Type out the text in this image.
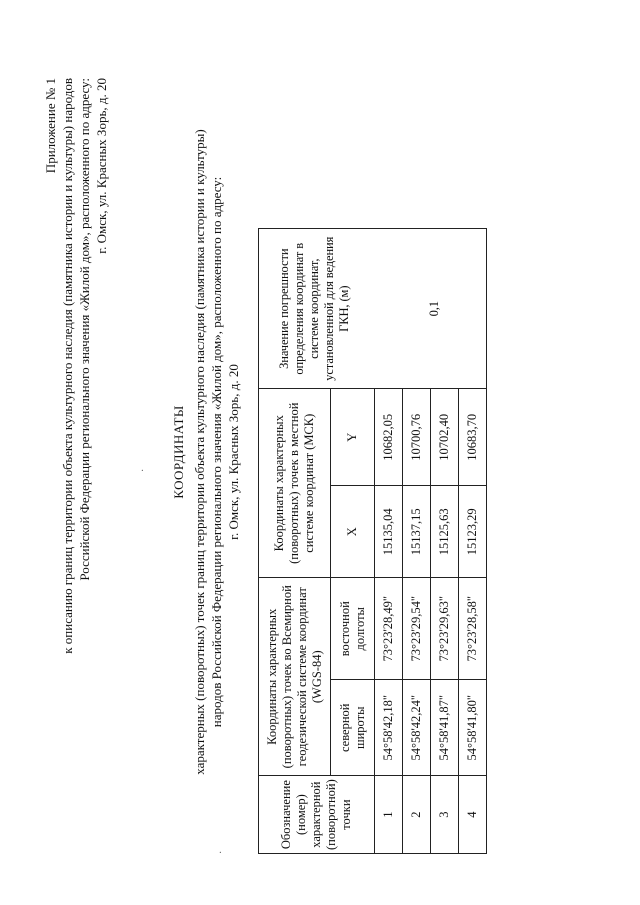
Приложение № 1 к описанию границ территории объекта культурного наследия (памятника истории и культуры) народов Российской Федерации регионального значения «Жилой дом», расположенного по адресу: г. Омск, ул. Красных Зорь, д. 20
·
·
КООРДИНАТЫ характерных (поворотных) точек границ территории объекта культурного наследия (памятника истории и культуры) народов Российской Федерации регионального значения «Жилой дом», расположенного по адресу: г. Омск, ул. Красных Зорь, д. 20
Обозначение (номер) характерной (поворотной) точки	Координаты характерных (поворотных) точек во Всемирной геодезической системе координат (WGS-84)		Координаты характерных (поворотных) точек в местной системе координат (МСК)		Значение погрешности определения координат в системе координат, установленной для ведения ГКН, (м) 0,1

	северной широты	восточной долготы	X	Y	
1	54°58'42,18"	73°23'28,49"	15135,04	10682,05	
2	54°58'42,24"	73°23'29,54"	15137,15	10700,76	
3	54°58'41,87"	73°23'29,63"	15125,63	10702,40	
4	54°58'41,80"	73°23'28,58"	15123,29	10683,70	
